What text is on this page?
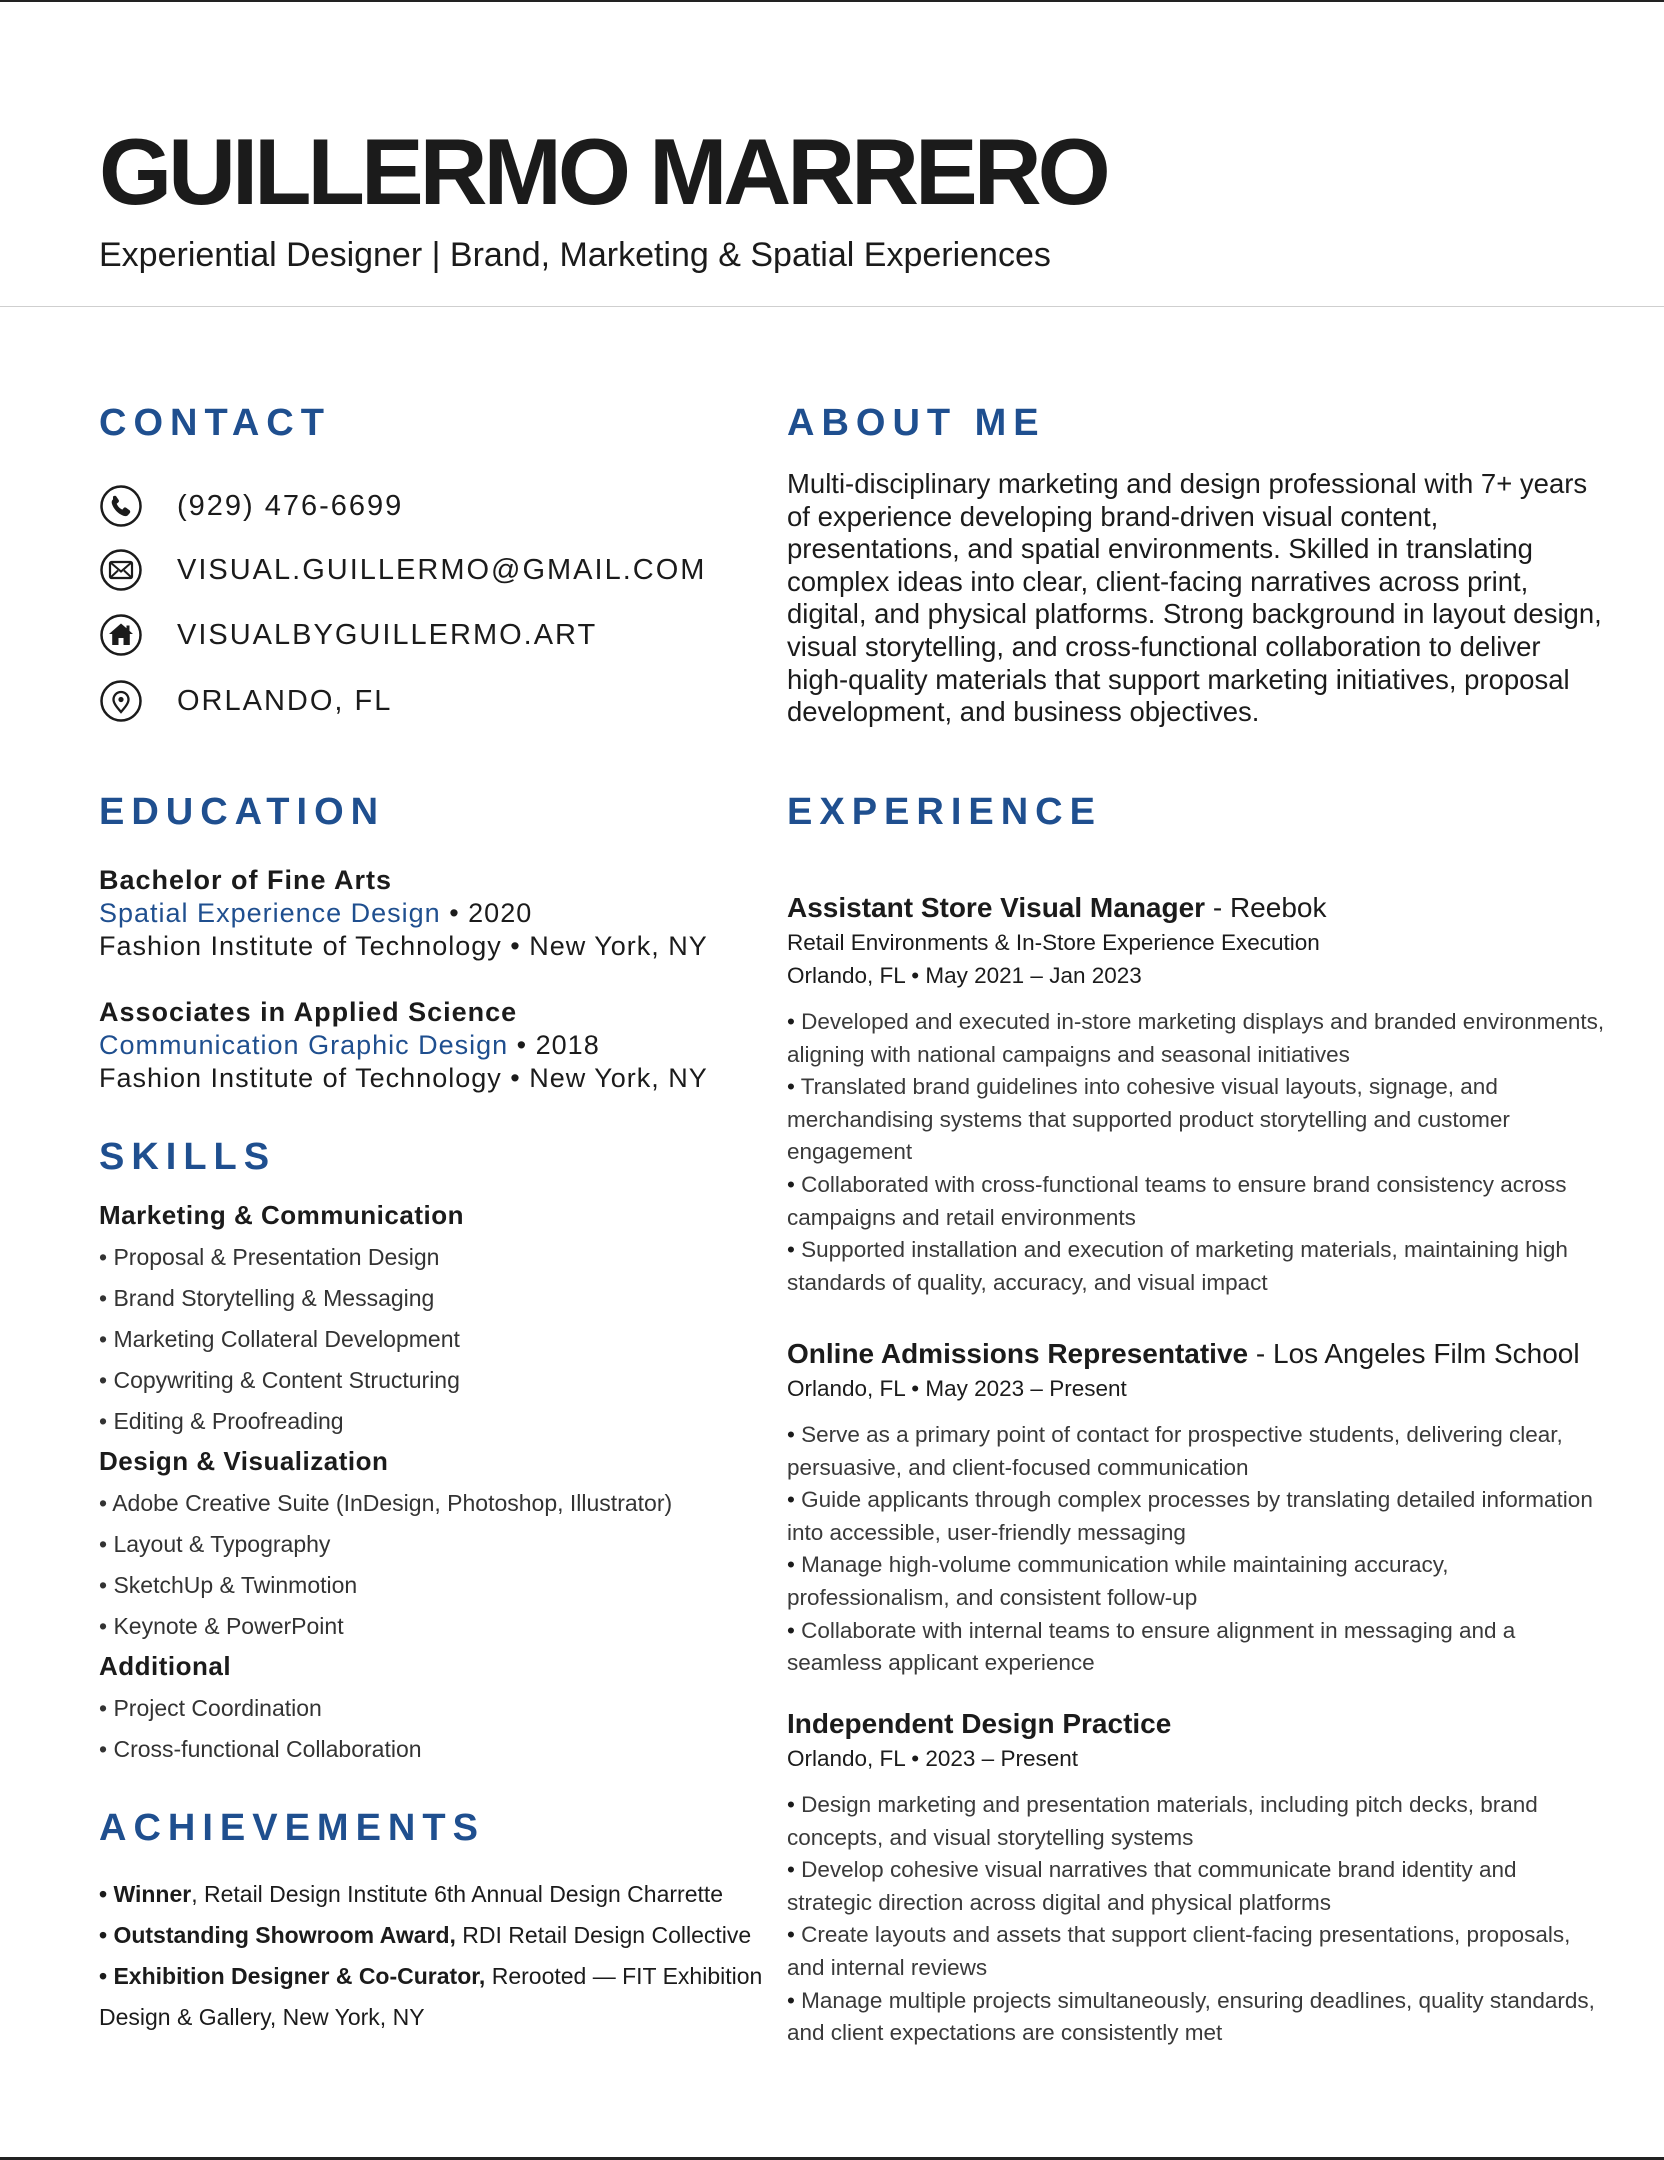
GUILLERMO MARRERO

Experiential Designer | Brand, Marketing & Spatial Experiences

CONTACT
(929) 476-6699
VISUAL.GUILLERMO@GMAIL.COM
VISUALBYGUILLERMO.ART
ORLANDO, FL
EDUCATION
Bachelor of Fine Arts
Spatial Experience Design • 2020
Fashion Institute of Technology • New York, NY
Associates in Applied Science
Communication Graphic Design • 2018
Fashion Institute of Technology • New York, NY
SKILLS
Marketing & Communication
• Proposal & Presentation Design
• Brand Storytelling & Messaging
• Marketing Collateral Development
• Copywriting & Content Structuring
• Editing & Proofreading
Design & Visualization
• Adobe Creative Suite (InDesign, Photoshop, Illustrator)
• Layout & Typography
• SketchUp & Twinmotion
• Keynote & PowerPoint
Additional
• Project Coordination
• Cross-functional Collaboration
ACHIEVEMENTS
• Winner, Retail Design Institute 6th Annual Design Charrette
• Outstanding Showroom Award, RDI Retail Design Collective
• Exhibition Designer & Co-Curator, Rerooted — FIT Exhibition Design & Gallery, New York, NY
ABOUT ME

Multi-disciplinary marketing and design professional with 7+ years of experience developing brand-driven visual content, presentations, and spatial environments. Skilled in translating complex ideas into clear, client-facing narratives across print, digital, and physical platforms. Strong background in layout design, visual storytelling, and cross-functional collaboration to deliver high-quality materials that support marketing initiatives, proposal development, and business objectives.

EXPERIENCE
Assistant Store Visual Manager - Reebok
Retail Environments & In-Store Experience Execution
Orlando, FL • May 2021 – Jan 2023
• Developed and executed in-store marketing displays and branded environments, aligning with national campaigns and seasonal initiatives
• Translated brand guidelines into cohesive visual layouts, signage, and merchandising systems that supported product storytelling and customer engagement
• Collaborated with cross-functional teams to ensure brand consistency across campaigns and retail environments
• Supported installation and execution of marketing materials, maintaining high standards of quality, accuracy, and visual impact
Online Admissions Representative - Los Angeles Film School
Orlando, FL • May 2023 – Present
• Serve as a primary point of contact for prospective students, delivering clear, persuasive, and client-focused communication
• Guide applicants through complex processes by translating detailed information into accessible, user-friendly messaging
• Manage high-volume communication while maintaining accuracy, professionalism, and consistent follow-up
• Collaborate with internal teams to ensure alignment in messaging and a seamless applicant experience
Independent Design Practice
Orlando, FL • 2023 – Present
• Design marketing and presentation materials, including pitch decks, brand concepts, and visual storytelling systems
• Develop cohesive visual narratives that communicate brand identity and strategic direction across digital and physical platforms
• Create layouts and assets that support client-facing presentations, proposals, and internal reviews
• Manage multiple projects simultaneously, ensuring deadlines, quality standards, and client expectations are consistently met
